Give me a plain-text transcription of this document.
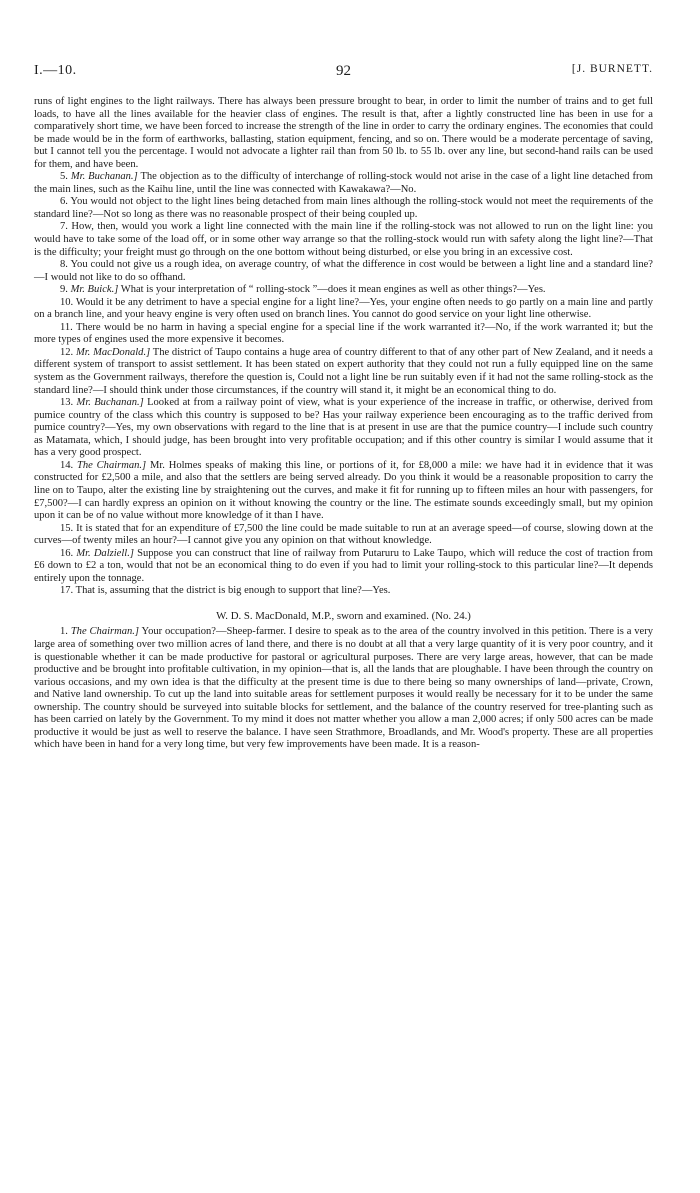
I.—10.	92	[J. BURNETT.

runs of light engines to the light railways. There has always been pressure brought to bear, in order to limit the number of trains and to get full loads, to have all the lines available for the heavier class of engines. The result is that, after a lightly constructed line has been in use for a comparatively short time, we have been forced to increase the strength of the line in order to carry the ordinary engines. The economies that could be made would be in the form of earthworks, ballasting, station equipment, fencing, and so on. There would be a moderate percentage of saving, but I cannot tell you the percentage. I would not advocate a lighter rail than from 50 lb. to 55 lb. over any line, but second-hand rails can be used for them, and have been.

5. Mr. Buchanan.] The objection as to the difficulty of interchange of rolling-stock would not arise in the case of a light line detached from the main lines, such as the Kaihu line, until the line was connected with Kawakawa?—No.

6. You would not object to the light lines being detached from main lines although the rolling-stock would not meet the requirements of the standard line?—Not so long as there was no reasonable prospect of their being coupled up.

7. How, then, would you work a light line connected with the main line if the rolling-stock was not allowed to run on the light line: you would have to take some of the load off, or in some other way arrange so that the rolling-stock would run with safety along the light line?—That is the difficulty; your freight must go through on the one bottom without being disturbed, or else you bring in an excessive cost.

8. You could not give us a rough idea, on average country, of what the difference in cost would be between a light line and a standard line?—I would not like to do so offhand.

9. Mr. Buick.] What is your interpretation of “ rolling-stock ”—does it mean engines as well as other things?—Yes.

10. Would it be any detriment to have a special engine for a light line?—Yes, your engine often needs to go partly on a main line and partly on a branch line, and your heavy engine is very often used on branch lines. You cannot do good service on your light line otherwise.

11. There would be no harm in having a special engine for a special line if the work warranted it?—No, if the work warranted it; but the more types of engines used the more expensive it becomes.

12. Mr. MacDonald.] The district of Taupo contains a huge area of country different to that of any other part of New Zealand, and it needs a different system of transport to assist settlement. It has been stated on expert authority that they could not run a fully equipped line on the same system as the Government railways, therefore the question is, Could not a light line be run suitably even if it had not the same rolling-stock as the standard line?—I should think under those circumstances, if the country will stand it, it might be an economical thing to do.

13. Mr. Buchanan.] Looked at from a railway point of view, what is your experience of the increase in traffic, or otherwise, derived from pumice country of the class which this country is supposed to be? Has your railway experience been encouraging as to the traffic derived from pumice country?—Yes, my own observations with regard to the line that is at present in use are that the pumice country—I include such country as Matamata, which, I should judge, has been brought into very profitable occupation; and if this other country is similar I would assume that it has a very good prospect.

14. The Chairman.] Mr. Holmes speaks of making this line, or portions of it, for £8,000 a mile: we have had it in evidence that it was constructed for £2,500 a mile, and also that the settlers are being served already. Do you think it would be a reasonable proposition to carry the line on to Taupo, alter the existing line by straightening out the curves, and make it fit for running up to fifteen miles an hour with passengers, for £7,500?—I can hardly express an opinion on it without knowing the country or the line. The estimate sounds exceedingly small, but my opinion upon it can be of no value without more knowledge of it than I have.

15. It is stated that for an expenditure of £7,500 the line could be made suitable to run at an average speed—of course, slowing down at the curves—of twenty miles an hour?—I cannot give you any opinion on that without knowledge.

16. Mr. Dalziell.] Suppose you can construct that line of railway from Putaruru to Lake Taupo, which will reduce the cost of traction from £6 down to £2 a ton, would that not be an economical thing to do even if you had to limit your rolling-stock to this particular line?—It depends entirely upon the tonnage.

17. That is, assuming that the district is big enough to support that line?—Yes.

W. D. S. MacDonald, M.P., sworn and examined. (No. 24.)

1. The Chairman.] Your occupation?—Sheep-farmer. I desire to speak as to the area of the country involved in this petition. There is a very large area of something over two million acres of land there, and there is no doubt at all that a very large quantity of it is very poor country, and it is questionable whether it can be made productive for pastoral or agricultural purposes. There are very large areas, however, that can be made productive and be brought into profitable cultivation, in my opinion—that is, all the lands that are ploughable. I have been through the country on various occasions, and my own idea is that the difficulty at the present time is due to there being so many ownerships of land—private, Crown, and Native land ownership. To cut up the land into suitable areas for settlement purposes it would really be necessary for it to be under the same ownership. The country should be surveyed into suitable blocks for settlement, and the balance of the country reserved for tree-planting such as has been carried on lately by the Government. To my mind it does not matter whether you allow a man 2,000 acres; if only 500 acres can be made productive it would be just as well to reserve the balance. I have seen Strathmore, Broadlands, and Mr. Wood's property. These are all properties which have been in hand for a very long time, but very few improvements have been made. It is a reason-
